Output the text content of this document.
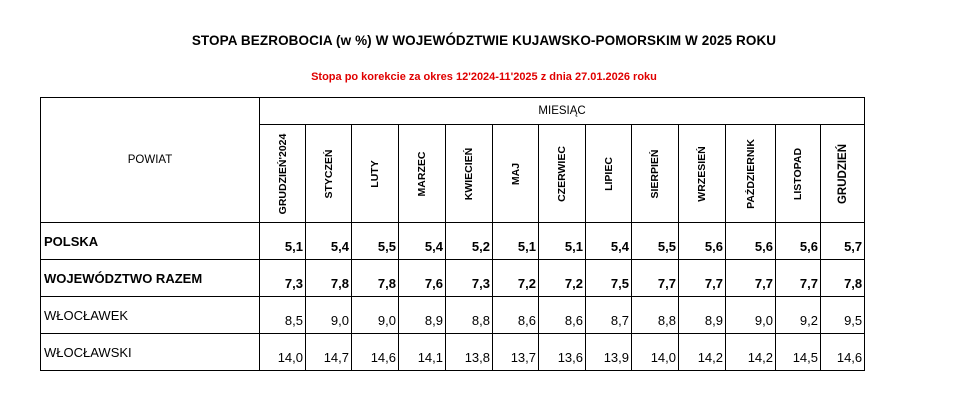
STOPA BEZROBOCIA (w %) W WOJEWÓDZTWIE KUJAWSKO-POMORSKIM W 2025 ROKU
Stopa po korekcie za okres 12'2024-11'2025 z dnia 27.01.2026 roku
POWIAT	MIESIĄC												

	GRUDZIEŃ'2024	STYCZEŃ	LUTY	MARZEC	KWIECIEŃ	MAJ	CZERWIEC	LIPIEC	SIERPIEŃ	WRZESIEŃ	PAŹDZIERNIK	LISTOPAD	GRUDZIEŃ

POLSKA	5,1	5,4	5,5	5,4	5,2	5,1	5,1	5,4	5,5	5,6	5,6	5,6	5,7
WOJEWÓDZTWO RAZEM	7,3	7,8	7,8	7,6	7,3	7,2	7,2	7,5	7,7	7,7	7,7	7,7	7,8
WŁOCŁAWEK	8,5	9,0	9,0	8,9	8,8	8,6	8,6	8,7	8,8	8,9	9,0	9,2	9,5
WŁOCŁAWSKI	14,0	14,7	14,6	14,1	13,8	13,7	13,6	13,9	14,0	14,2	14,2	14,5	14,6
